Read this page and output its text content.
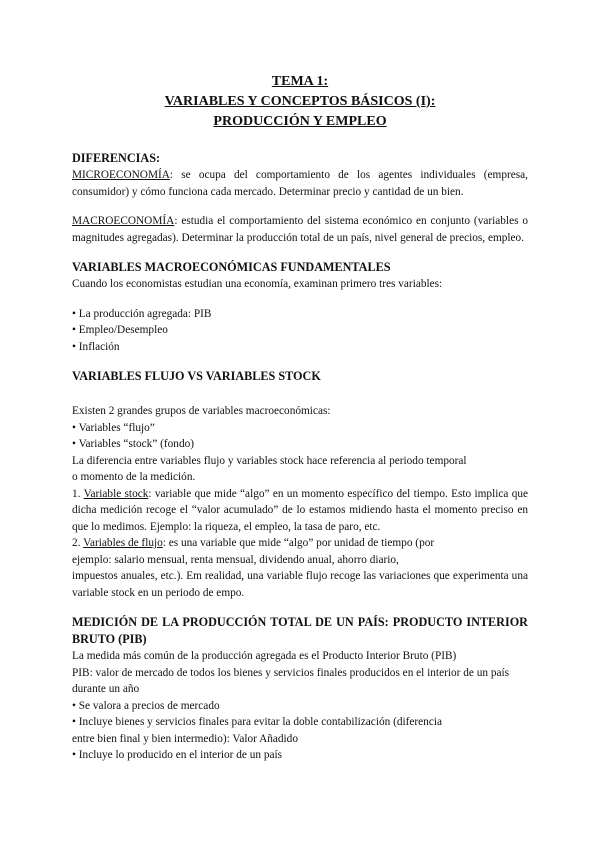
TEMA 1:
VARIABLES Y CONCEPTOS BÁSICOS (I):
PRODUCCIÓN Y EMPLEO

DIFERENCIAS:

MICROECONOMÍA: se ocupa del comportamiento de los agentes individuales (empresa, consumidor) y cómo funciona cada mercado. Determinar precio y cantidad de un bien.

MACROECONOMÍA: estudia el comportamiento del sistema económico en conjunto (variables o magnitudes agregadas). Determinar la producción total de un país, nivel general de precios, empleo.

VARIABLES MACROECONÓMICAS FUNDAMENTALES

Cuando los economistas estudian una economía, examinan primero tres variables:

• La producción agregada: PIB

• Empleo/Desempleo

• Inflación

VARIABLES FLUJO VS VARIABLES STOCK

Existen 2 grandes grupos de variables macroeconómicas:

• Variables “flujo”

• Variables “stock” (fondo)

La diferencia entre variables flujo y variables stock hace referencia al periodo temporal

o momento de la medición.

1. Variable stock: variable que mide “algo” en un momento específico del tiempo. Esto implica que dicha medición recoge el “valor acumulado” de lo estamos midiendo hasta el momento preciso en que lo medimos. Ejemplo: la riqueza, el empleo, la tasa de paro, etc.

2. Variables de flujo: es una variable que mide “algo” por unidad de tiempo (por

ejemplo: salario mensual, renta mensual, dividendo anual, ahorro diario,

impuestos anuales, etc.). Em realidad, una variable flujo recoge las variaciones que experimenta una variable stock en un periodo de empo.

MEDICIÓN DE LA PRODUCCIÓN TOTAL DE UN PAÍS: PRODUCTO INTERIOR BRUTO (PIB)

La medida más común de la producción agregada es el Producto Interior Bruto (PIB)

PIB: valor de mercado de todos los bienes y servicios finales producidos en el interior de un país durante un año

• Se valora a precios de mercado

• Incluye bienes y servicios finales para evitar la doble contabilización (diferencia

entre bien final y bien intermedio): Valor Añadido

• Incluye lo producido en el interior de un país
